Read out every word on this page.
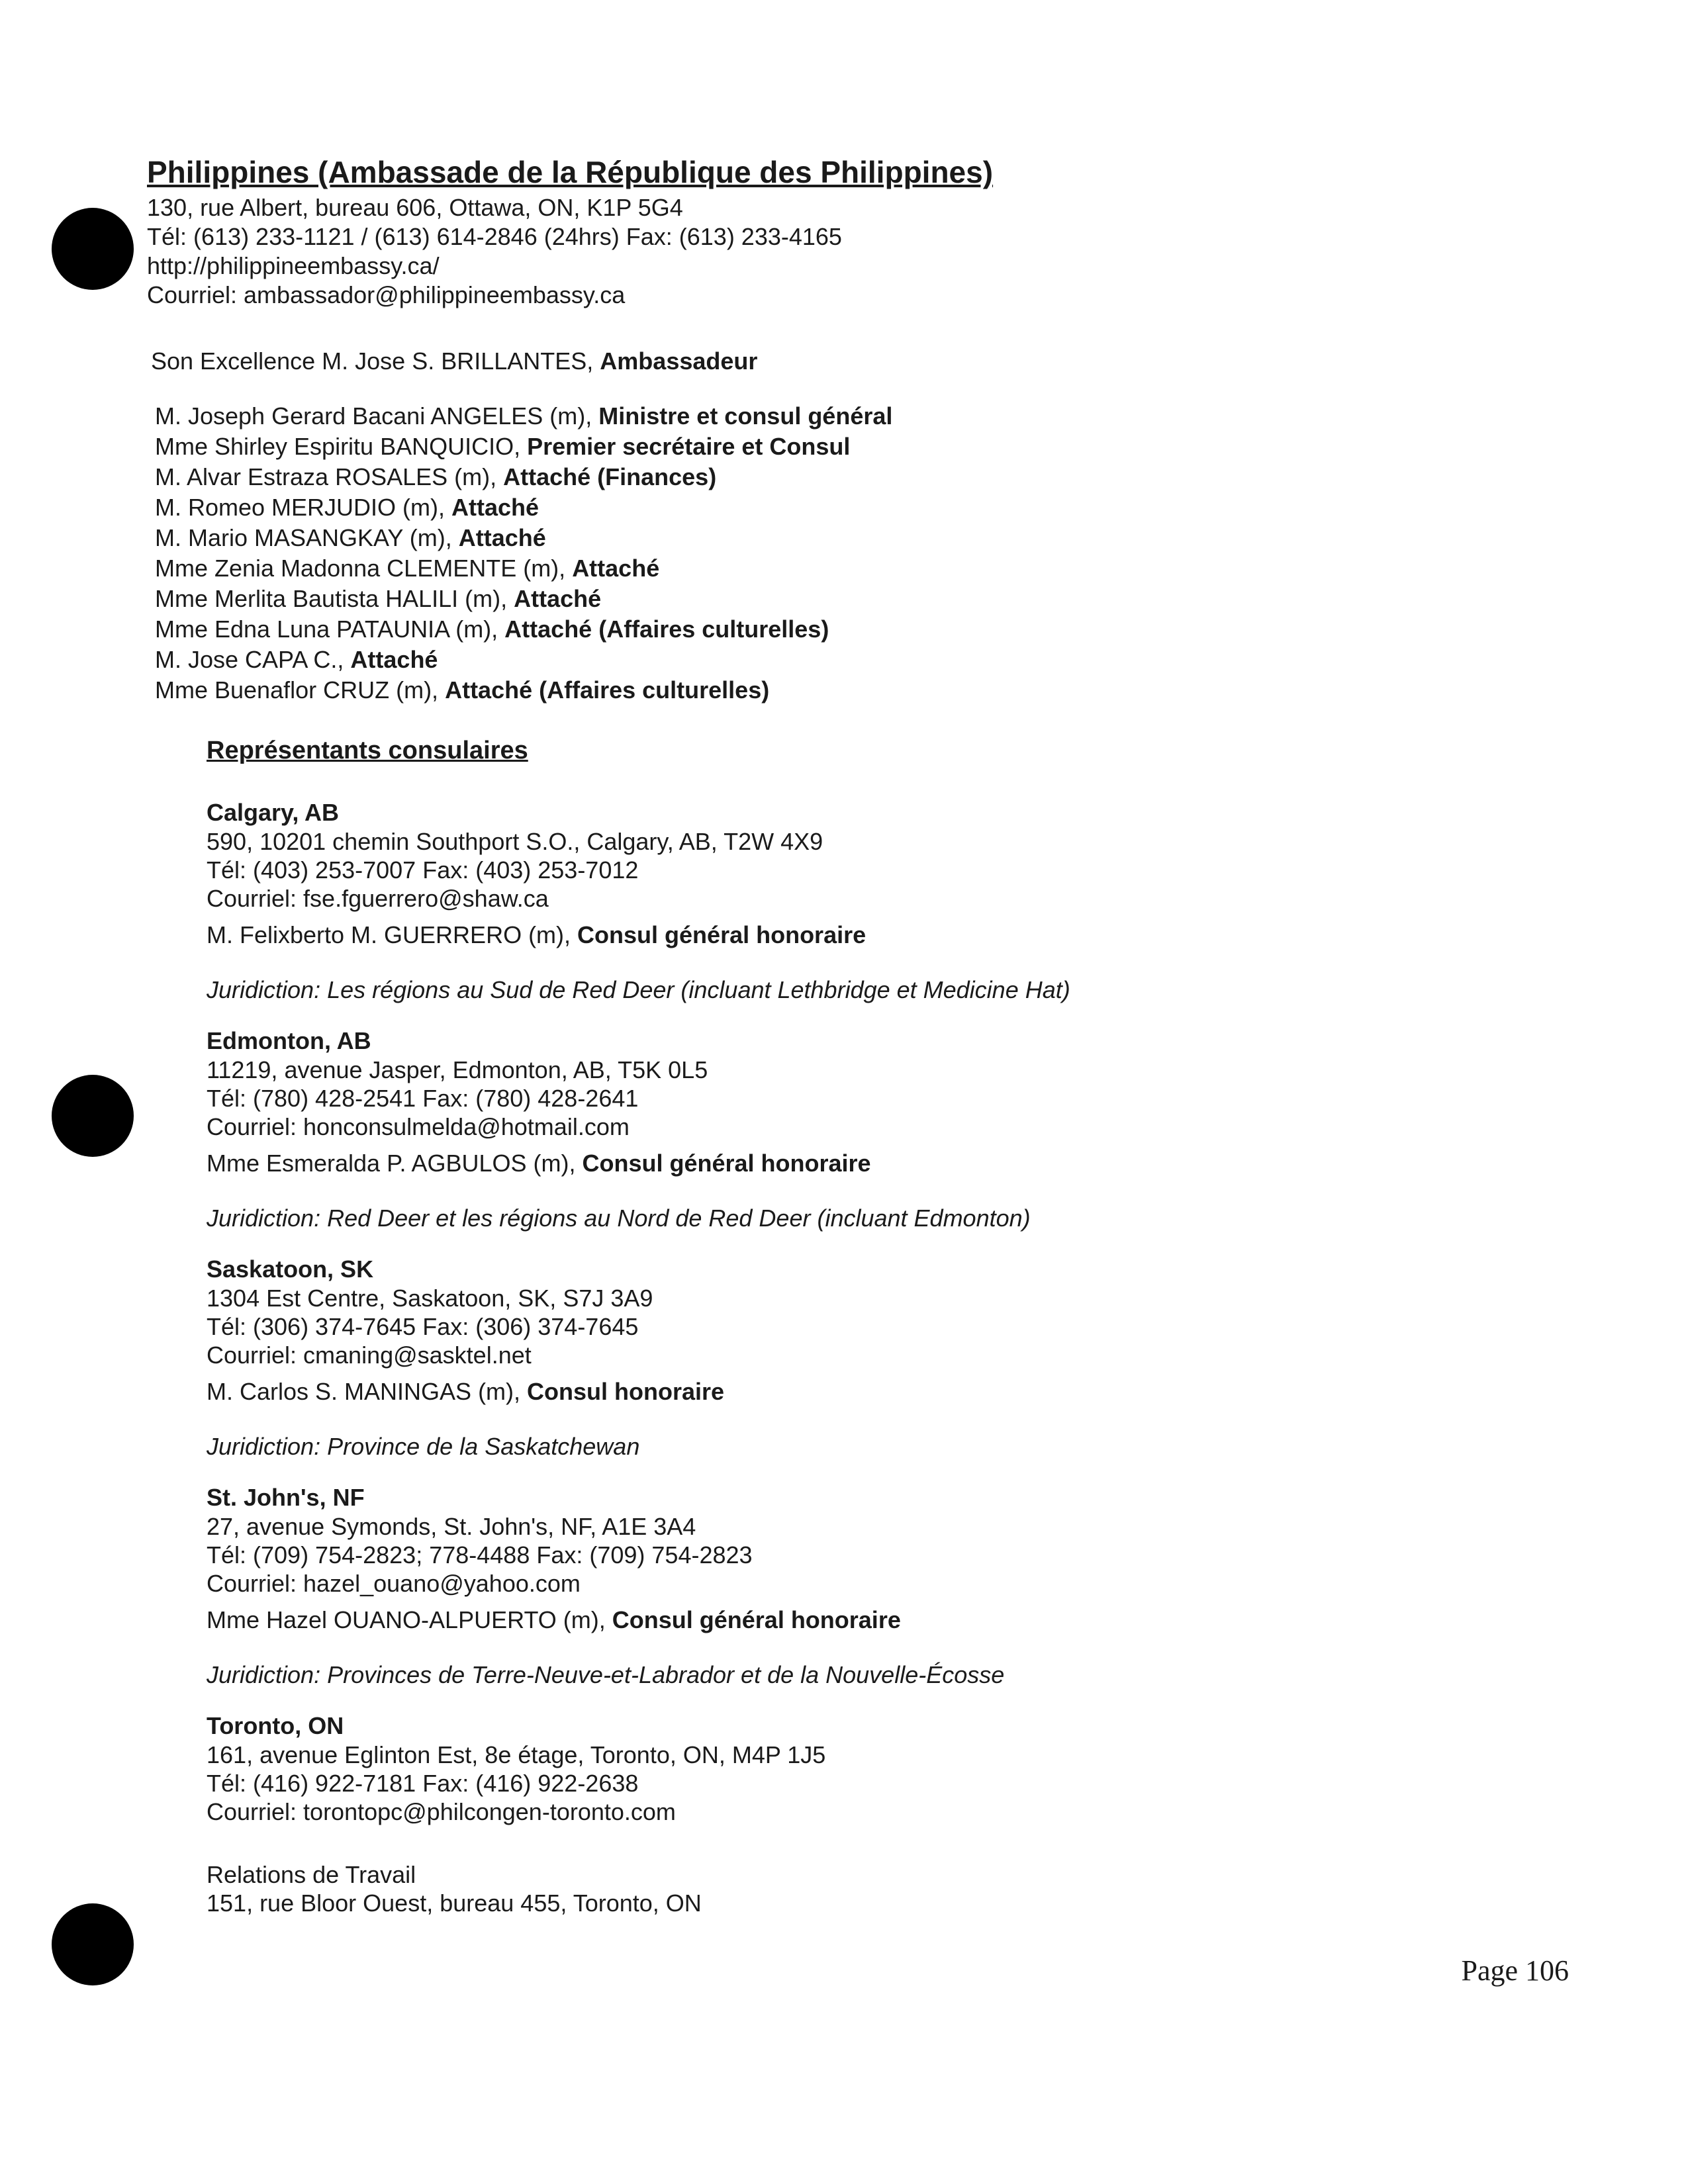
Philippines (Ambassade de la République des Philippines)
130, rue Albert, bureau 606, Ottawa, ON, K1P 5G4
Tél: (613) 233-1121 / (613) 614-2846 (24hrs) Fax: (613) 233-4165
http://philippineembassy.ca/
Courriel: ambassador@philippineembassy.ca
Son Excellence M. Jose S. BRILLANTES, Ambassadeur
M. Joseph Gerard Bacani ANGELES (m), Ministre et consul général
Mme Shirley Espiritu BANQUICIO, Premier secrétaire et Consul
M. Alvar Estraza ROSALES (m), Attaché (Finances)
M. Romeo MERJUDIO (m), Attaché
M. Mario MASANGKAY (m), Attaché
Mme Zenia Madonna CLEMENTE (m), Attaché
Mme Merlita Bautista HALILI (m), Attaché
Mme Edna Luna PATAUNIA (m), Attaché (Affaires culturelles)
M. Jose CAPA C., Attaché
Mme Buenaflor CRUZ (m), Attaché (Affaires culturelles)
Représentants consulaires
Calgary, AB
590, 10201 chemin Southport S.O., Calgary, AB, T2W 4X9
Tél: (403) 253-7007 Fax: (403) 253-7012
Courriel: fse.fguerrero@shaw.ca
M. Felixberto M. GUERRERO (m), Consul général honoraire
Juridiction: Les régions au Sud de Red Deer (incluant Lethbridge et Medicine Hat)
Edmonton, AB
11219, avenue Jasper, Edmonton, AB, T5K 0L5
Tél: (780) 428-2541 Fax: (780) 428-2641
Courriel: honconsulmelda@hotmail.com
Mme Esmeralda P. AGBULOS (m), Consul général honoraire
Juridiction: Red Deer et les régions au Nord de Red Deer (incluant Edmonton)
Saskatoon, SK
1304 Est Centre, Saskatoon, SK, S7J 3A9
Tél: (306) 374-7645 Fax: (306) 374-7645
Courriel: cmaning@sasktel.net
M. Carlos S. MANINGAS (m), Consul honoraire
Juridiction: Province de la Saskatchewan
St. John's, NF
27, avenue Symonds, St. John's, NF, A1E 3A4
Tél: (709) 754-2823; 778-4488 Fax: (709) 754-2823
Courriel: hazel_ouano@yahoo.com
Mme Hazel OUANO-ALPUERTO (m), Consul général honoraire
Juridiction: Provinces de Terre-Neuve-et-Labrador et de la Nouvelle-Écosse
Toronto, ON
161, avenue Eglinton Est, 8e étage, Toronto, ON, M4P 1J5
Tél: (416) 922-7181 Fax: (416) 922-2638
Courriel: torontopc@philcongen-toronto.com
Relations de Travail
151, rue Bloor Ouest, bureau 455, Toronto, ON
Page 106
